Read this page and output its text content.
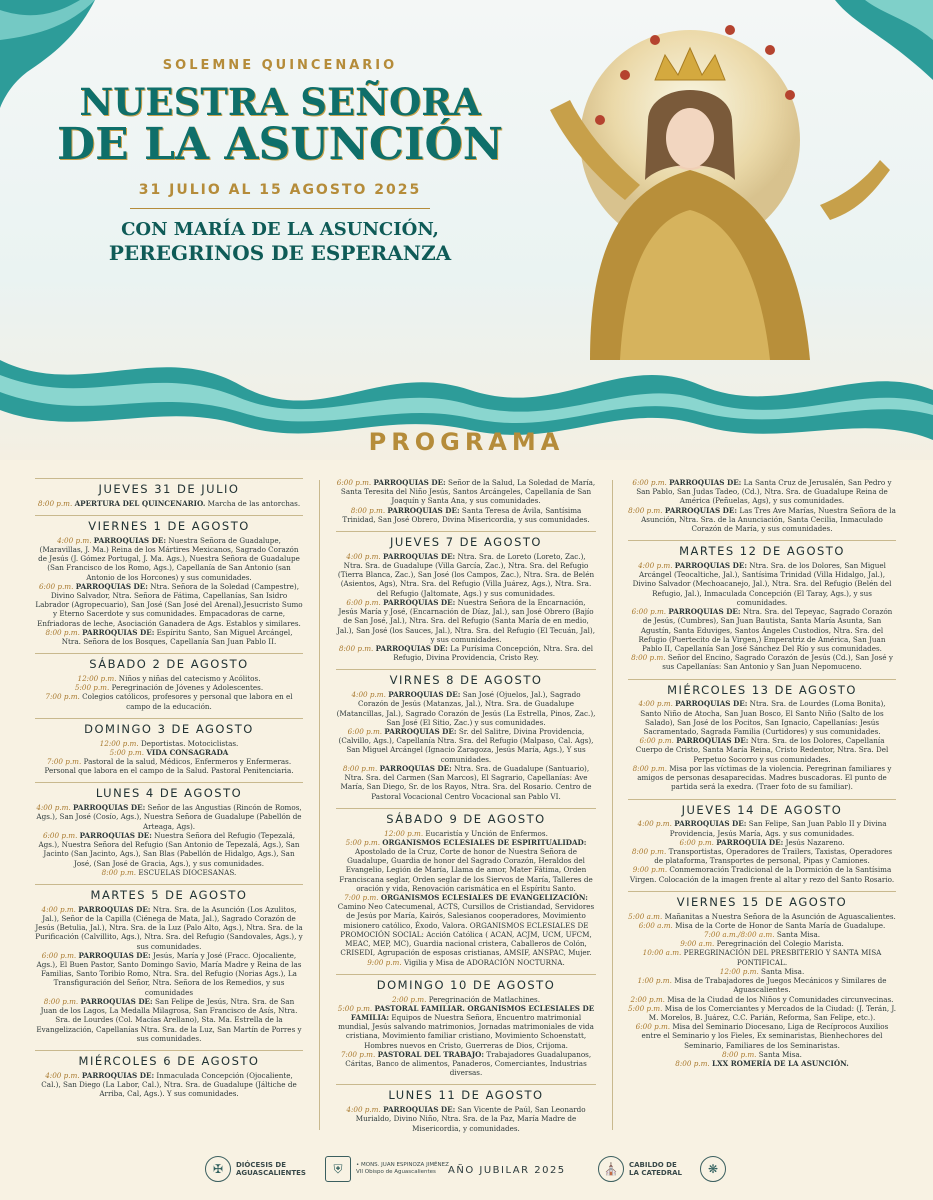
SOLEMNE QUINCENARIO
NUESTRA SEÑORA
DE LA ASUNCIÓN
31 JULIO AL 15 AGOSTO 2025
CON MARÍA DE LA ASUNCIÓN,
PEREGRINOS DE ESPERANZA
PROGRAMA
JUEVES 31 DE JULIO
8:00 p.m. APERTURA DEL QUINCENARIO. Marcha de las antorchas.
VIERNES 1 DE AGOSTO
4:00 p.m. PARROQUIAS DE: Nuestra Señora de Guadalupe, (Maravillas, J. Ma.) Reina de los Mártires Mexicanos, Sagrado Corazón de Jesús (J. Gómez Portugal, J. Ma. Ags.), Nuestra Señora de Guadalupe (San Francisco de los Romo, Ags.), Capellanía de San Antonio (san Antonio de los Horcones) y sus comunidades.
6:00 p.m. PARROQUIAS DE: Ntra. Señora de la Soledad (Campestre), Divino Salvador, Ntra. Señora de Fátima, Capellanías, San Isidro Labrador (Agropecuario), San José (San José del Arenal),Jesucristo Sumo y Eterno Sacerdote y sus comunidades. Empacadoras de carne, Enfriadoras de leche, Asociación Ganadera de Ags. Establos y similares.
8:00 p.m. PARROQUIAS DE: Espíritu Santo, San Miguel Arcángel, Ntra. Señora de los Bosques, Capellanía San Juan Pablo II.
SÁBADO 2 DE AGOSTO
12:00 p.m. Niños y niñas del catecismo y Acólitos.
5:00 p.m. Peregrinación de Jóvenes y Adolescentes.
7:00 p.m. Colegios católicos, profesores y personal que labora en el campo de la educación.
DOMINGO 3 DE AGOSTO
12:00 p.m. Deportistas. Motociclistas.
5:00 p.m. VIDA CONSAGRADA
7:00 p.m. Pastoral de la salud, Médicos, Enfermeros y Enfermeras. Personal que labora en el campo de la Salud. Pastoral Penitenciaria.
LUNES 4 DE AGOSTO
4:00 p.m. PARROQUIAS DE: Señor de las Angustias (Rincón de Romos, Ags.), San José (Cosío, Ags.), Nuestra Señora de Guadalupe (Pabellón de Arteaga, Ags).
6:00 p.m. PARROQUIAS DE: Nuestra Señora del Refugio (Tepezalá, Ags.), Nuestra Señora del Refugio (San Antonio de Tepezalá, Ags.), San Jacinto (San Jacinto, Ags.), San Blas (Pabellón de Hidalgo, Ags.), San José, (San José de Gracia, Ags.), y sus comunidades.
8:00 p.m. ESCUELAS DIOCESANAS.
MARTES 5 DE AGOSTO
4:00 p.m. PARROQUIAS DE: Ntra. Sra. de la Asunción (Los Azulitos, Jal.), Señor de la Capilla (Ciénega de Mata, Jal.), Sagrado Corazón de Jesús (Betulia, Jal.), Ntra. Sra. de la Luz (Palo Alto, Ags.), Ntra. Sra. de la Purificación (Calvillito, Ags.), Ntra. Sra. del Refugio (Sandovales, Ags.), y sus comunidades.
6:00 p.m. PARROQUIAS DE: Jesús, María y José (Fracc. Ojocaliente, Ags.), El Buen Pastor, Santo Domingo Savio, María Madre y Reina de las Familias, Santo Toribio Romo, Ntra. Sra. del Refugio (Norias Ags.), La Transfiguración del Señor, Ntra. Señora de los Remedios, y sus comunidades
8:00 p.m. PARROQUIAS DE: San Felipe de Jesús, Ntra. Sra. de San Juan de los Lagos, La Medalla Milagrosa, San Francisco de Asís, Ntra. Sra. de Lourdes (Col. Macías Arellano), Sta. Ma. Estrella de la Evangelización, Capellanías Ntra. Sra. de la Luz, San Martín de Porres y sus comunidades.
MIÉRCOLES 6 DE AGOSTO
4:00 p.m. PARROQUIAS DE: Inmaculada Concepción (Ojocaliente, Cal.), San Diego (La Labor, Cal.), Ntra. Sra. de Guadalupe (Jáltiche de Arriba, Cal, Ags.). Y sus comunidades.
6:00 p.m. PARROQUIAS DE: Señor de la Salud, La Soledad de María, Santa Teresita del Niño Jesús, Santos Arcángeles, Capellanía de San Joaquín y Santa Ana, y sus comunidades.
8:00 p.m. PARROQUIAS DE: Santa Teresa de Ávila, Santísima Trinidad, San José Obrero, Divina Misericordia, y sus comunidades.
JUEVES 7 DE AGOSTO
4:00 p.m. PARROQUIAS DE: Ntra. Sra. de Loreto (Loreto, Zac.), Ntra. Sra. de Guadalupe (Villa García, Zac.), Ntra. Sra. del Refugio (Tierra Blanca, Zac.), San José (los Campos, Zac.), Ntra. Sra. de Belén (Asientos, Ags), Ntra. Sra. del Refugio (Villa Juárez, Ags.), Ntra. Sra. del Refugio (Jaltomate, Ags.) y sus comunidades.
6:00 p.m. PARROQUIAS DE: Nuestra Señora de la Encarnación, Jesús María y José, (Encarnación de Díaz, Jal.), san José Obrero (Bajío de San José, Jal.), Ntra. Sra. del Refugio (Santa María de en medio, Jal.), San José (los Sauces, Jal.), Ntra. Sra. del Refugio (El Tecuán, Jal), y sus comunidades.
8:00 p.m. PARROQUIAS DE: La Purísima Concepción, Ntra. Sra. del Refugio, Divina Providencia, Cristo Rey.
VIRNES 8 DE AGOSTO
4:00 p.m. PARROQUIAS DE: San José (Ojuelos, Jal.), Sagrado Corazón de Jesús (Matanzas, Jal.), Ntra. Sra. de Guadalupe (Matancillas, Jal.), Sagrado Corazón de Jesús (La Estrella, Pinos, Zac.), San José (El Sitio, Zac.) y sus comunidades.
6:00 p.m. PARROQUIAS DE: Sr. del Salitre, Divina Providencia, (Calvillo, Ags.), Capellanía Ntra. Sra. del Refugio (Malpaso, Cal. Ags), San Miguel Arcángel (Ignacio Zaragoza, Jesús María, Ags.), Y sus comunidades.
8:00 p.m. PARROQUIAS DE: Ntra. Sra. de Guadalupe (Santuario), Ntra. Sra. del Carmen (San Marcos), El Sagrario, Capellanías: Ave María, San Diego, Sr. de los Rayos, Ntra. Sra. del Rosario. Centro de Pastoral Vocacional Centro Vocacional san Pablo VI.
SÁBADO 9 DE AGOSTO
12:00 p.m. Eucaristía y Unción de Enfermos.
5:00 p.m. ORGANISMOS ECLESIALES DE ESPIRITUALIDAD: Apostolado de la Cruz, Corte de honor de Nuestra Señora de Guadalupe, Guardia de honor del Sagrado Corazón, Heraldos del Evangelio, Legión de María, Llama de amor, Mater Fátima, Orden Franciscana seglar, Orden seglar de los Siervos de María, Talleres de oración y vida, Renovación carismática en el Espíritu Santo.
7:00 p.m. ORGANISMOS ECLESIALES DE EVANGELIZACIÓN: Camino Neo Catecumenal, ACTS, Cursillos de Cristiandad, Servidores de Jesús por María, Kairós, Salesianos cooperadores, Movimiento misionero católico, Éxodo, Valora. ORGANISMOS ECLESIALES DE PROMOCIÓN SOCIAL: Acción Católica ( ACAN, ACJM, UCM, UFCM, MEAC, MEP, MC), Guardia nacional cristera, Caballeros de Colón, CRISEDI, Agrupación de esposas cristianas, AMSIF, ANSPAC, Mujer.
9:00 p.m. Vigilia y Misa de ADORACIÓN NOCTURNA.
DOMINGO 10 DE AGOSTO
2:00 p.m. Peregrinación de Matlachines.
5:00 p.m. PASTORAL FAMILIAR. ORGANISMOS ECLESIALES DE FAMILIA: Equipos de Nuestra Señora, Encuentro matrimonial mundial, Jesús salvando matrimonios, Jornadas matrimoniales de vida cristiana, Movimiento familiar cristiano, Movimiento Schoenstatt, Hombres nuevos en Cristo, Guerreras de Dios, Crijoma.
7:00 p.m. PASTORAL DEL TRABAJO: Trabajadores Guadalupanos, Cáritas, Banco de alimentos, Panaderos, Comerciantes, Industrias diversas.
LUNES 11 DE AGOSTO
4:00 p.m. PARROQUIAS DE: San Vicente de Paúl, San Leonardo Murialdo, Divino Niño, Ntra. Sra. de la Paz, María Madre de Misericordia, y comunidades.
6:00 p.m. PARROQUIAS DE: La Santa Cruz de Jerusalén, San Pedro y San Pablo, San Judas Tadeo, (Cd.), Ntra. Sra. de Guadalupe Reina de América (Peñuelas, Ags), y sus comunidades.
8:00 p.m. PARROQUIAS DE: Las Tres Ave Marías, Nuestra Señora de la Asunción, Ntra. Sra. de la Anunciación, Santa Cecilia, Inmaculado Corazón de María, y sus comunidades.
MARTES 12 DE AGOSTO
4:00 p.m. PARROQUIAS DE: Ntra. Sra. de los Dolores, San Miguel Arcángel (Teocaltiche, Jal.), Santísima Trinidad (Villa Hidalgo, Jal.), Divino Salvador (Mechoacanejo, Jal.), Ntra. Sra. del Refugio (Belén del Refugio, Jal.), Inmaculada Concepción (El Taray, Ags.), y sus comunidades.
6:00 p.m. PARROQUIAS DE: Ntra. Sra. del Tepeyac, Sagrado Corazón de Jesús, (Cumbres), San Juan Bautista, Santa María Asunta, San Agustín, Santa Eduviges, Santos Ángeles Custodios, Ntra. Sra. del Refugio (Puertecito de la Virgen,) Emperatriz de América, San Juan Pablo II, Capellanía San José Sánchez Del Río y sus comunidades.
8:00 p.m. Señor del Encino, Sagrado Corazón de Jesús (Cd.), San José y sus Capellanías: San Antonio y San Juan Nepomuceno.
MIÉRCOLES 13 DE AGOSTO
4:00 p.m. PARROQUIAS DE: Ntra. Sra. de Lourdes (Loma Bonita), Santo Niño de Atocha, San Juan Bosco, El Santo Niño (Salto de los Salado), San José de los Pocitos, San Ignacio, Capellanías: Jesús Sacramentado, Sagrada Familia (Curtidores) y sus comunidades.
6:00 p.m. PARROQUIAS DE: Ntra. Sra. de los Dolores, Capellanía Cuerpo de Cristo, Santa María Reina, Cristo Redentor, Ntra. Sra. Del Perpetuo Socorro y sus comunidades.
8:00 p.m. Misa por las víctimas de la violencia. Peregrinan familiares y amigos de personas desaparecidas. Madres buscadoras. El punto de partida será la exedra. (Traer foto de su familiar).
JUEVES 14 DE AGOSTO
4:00 p.m. PARROQUIAS DE: San Felipe, San Juan Pablo II y Divina Providencia, Jesús María, Ags. y sus comunidades.
6:00 p.m. PARROQUIA DE: Jesús Nazareno.
8:00 p.m. Transportistas, Operadores de Trailers, Taxistas, Operadores de plataforma, Transportes de personal, Pipas y Camiones.
9:00 p.m. Conmemoración Tradicional de la Dormición de la Santísima Virgen. Colocación de la imagen frente al altar y rezo del Santo Rosario.
VIERNES 15 DE AGOSTO
5:00 a.m. Mañanitas a Nuestra Señora de la Asunción de Aguascalientes.
6:00 a.m. Misa de la Corte de Honor de Santa María de Guadalupe.
7:00 a.m./8:00 a.m. Santa Misa.
9:00 a.m. Peregrinación del Colegio Marista.
10:00 a.m. PEREGRINACIÓN DEL PRESBITERIO Y SANTA MISA PONTIFICAL.
12:00 p.m. Santa Misa.
1:00 p.m. Misa de Trabajadores de Juegos Mecánicos y Similares de Aguascalientes.
2:00 p.m. Misa de la Ciudad de los Niños y Comunidades circunvecinas.
5:00 p.m. Misa de los Comerciantes y Mercados de la Ciudad: (J. Terán, J. M. Morelos, B. Juárez, C.C. Parián, Reforma, San Felipe, etc.).
6:00 p.m. Misa del Seminario Diocesano, Liga de Recíprocos Auxilios entre el Seminario y los Fieles, Ex seminaristas, Bienhechores del Seminario, Familiares de los Seminaristas.
8:00 p.m. Santa Misa.
8:00 p.m. LXX ROMERÍA DE LA ASUNCIÓN.
✠	DIÓCESIS DE
AGUASCALIENTES	⛨	• MONS. JUAN ESPINOZA JIMÉNEZ
VII Obispo de Aguascalientes	AÑO JUBILAR 2025	⛪	CABILDO DE
LA CATEDRAL	❋
